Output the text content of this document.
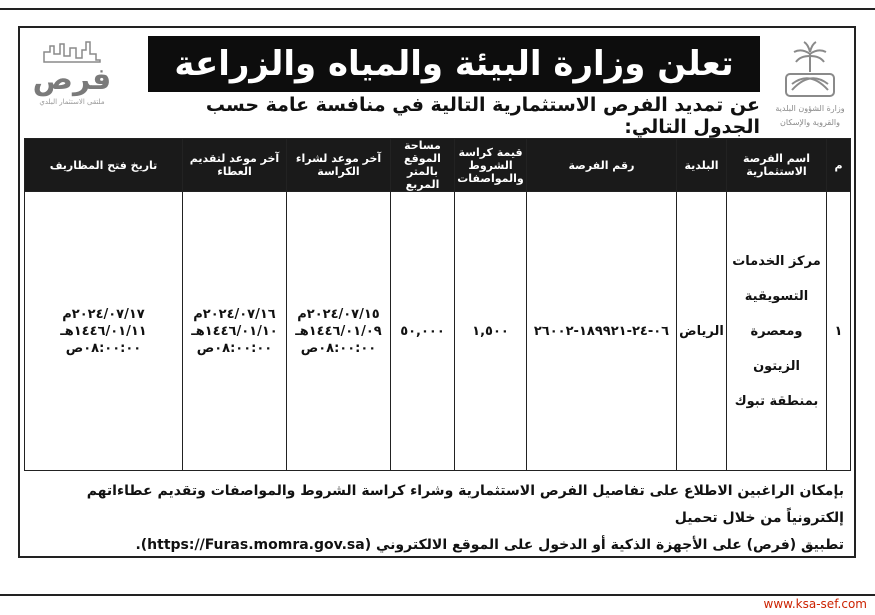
وزارة الشؤون البلدية
والقروية والإسكان
تعلن وزارة البيئة والمياه والزراعة
عن تمديد الفرص الاستثمارية التالية في منافسة عامة حسب الجدول التالي:
فرص
ملتقى الاستثمار البلدي
م	اسم الفرصة الاستثمارية	البلدية	رقم الفرصة	قيمة كراسة الشروط والمواصفات	مساحة الموقع بالمتر المربع	آخر موعد لشراء الكراسة	آخر موعد لتقديم العطاء	تاريخ فتح المظاريف
١	مركز الخدمات التسويقية ومعصرة الزيتون بمنطقة تبوك	الرياض	٠٦-٢٤-١٨٩٩٢١-٢٦٠٠٢	١,٥٠٠	٥٠,٠٠٠	٢٠٢٤/٠٧/١٥م
١٤٤٦/٠١/٠٩هـ
٠٨:٠٠:٠٠ص	٢٠٢٤/٠٧/١٦م
١٤٤٦/٠١/١٠هـ
٠٨:٠٠:٠٠ص	٢٠٢٤/٠٧/١٧م
١٤٤٦/٠١/١١هـ
٠٨:٠٠:٠٠ص
بإمكان الراغبين الاطلاع على تفاصيل الفرص الاستثمارية وشراء كراسة الشروط والمواصفات وتقديم عطاءاتهم إلكترونياً من خلال تحميل
تطبيق (فرص) على الأجهزة الذكية أو الدخول على الموقع الالكتروني (https://Furas.momra.gov.sa).
www.ksa-sef.com
